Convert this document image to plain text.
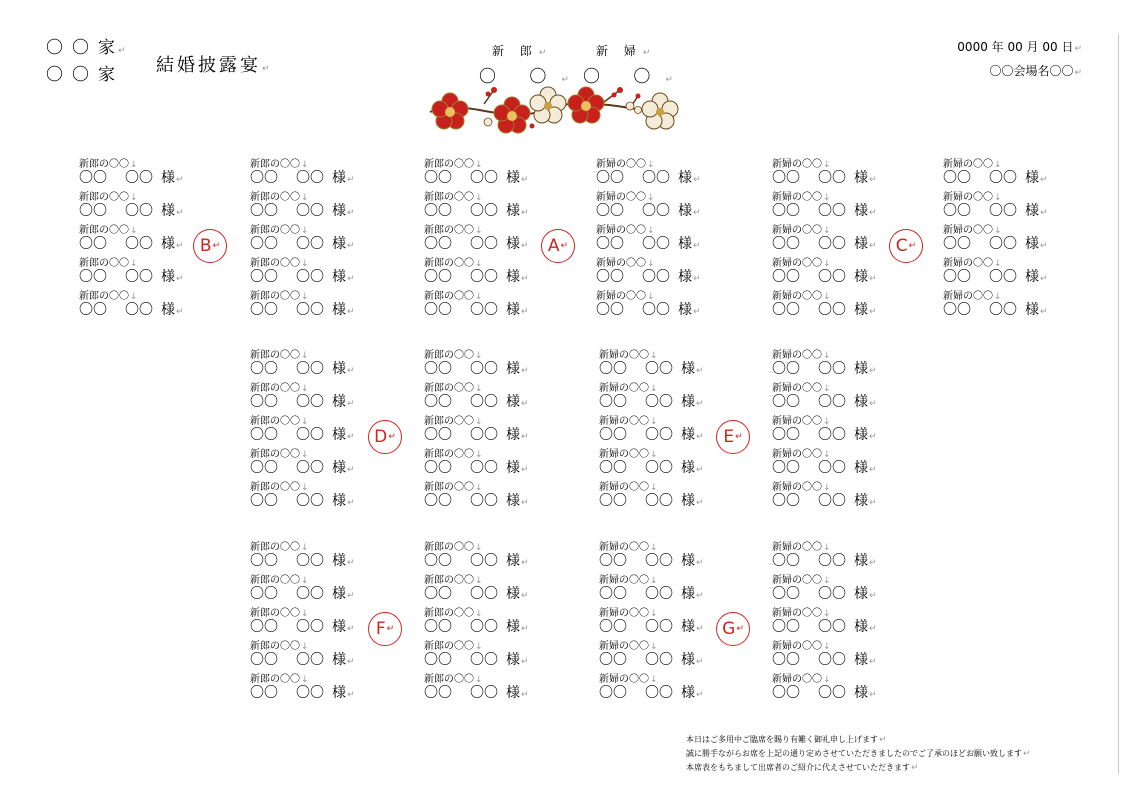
〇 〇 家↵
〇 〇 家	結婚披露宴↵
新 郎↵	新 婦↵
〇 〇↵ 〇 〇↵
0000 年 00 月 00 日↵
〇〇会場名〇〇↵
新郎の〇〇↓
〇〇 〇〇 様↵
新郎の〇〇↓
〇〇 〇〇 様↵
新郎の〇〇↓
〇〇 〇〇 様↵
新郎の〇〇↓
〇〇 〇〇 様↵
新郎の〇〇↓
〇〇 〇〇 様↵
新郎の〇〇↓
〇〇 〇〇 様↵
新郎の〇〇↓
〇〇 〇〇 様↵
新郎の〇〇↓
〇〇 〇〇 様↵
新郎の〇〇↓
〇〇 〇〇 様↵
新郎の〇〇↓
〇〇 〇〇 様↵
B ↵
新郎の〇〇↓
〇〇 〇〇 様↵
新婦の〇〇↓
〇〇 〇〇 様↵
新郎の〇〇↓
〇〇 〇〇 様↵
新婦の〇〇↓
〇〇 〇〇 様↵
新郎の〇〇↓
〇〇 〇〇 様↵
新婦の〇〇↓
〇〇 〇〇 様↵
新郎の〇〇↓
〇〇 〇〇 様↵
新婦の〇〇↓
〇〇 〇〇 様↵
新郎の〇〇↓
〇〇 〇〇 様↵
新婦の〇〇↓
〇〇 〇〇 様↵
A ↵
新婦の〇〇↓
〇〇 〇〇 様↵
新婦の〇〇↓
〇〇 〇〇 様↵
新婦の〇〇↓
〇〇 〇〇 様↵
新婦の〇〇↓
〇〇 〇〇 様↵
新婦の〇〇↓
〇〇 〇〇 様↵
新婦の〇〇↓
〇〇 〇〇 様↵
新婦の〇〇↓
〇〇 〇〇 様↵
新婦の〇〇↓
〇〇 〇〇 様↵
新婦の〇〇↓
〇〇 〇〇 様↵
新婦の〇〇↓
〇〇 〇〇 様↵
C ↵
新郎の〇〇↓
〇〇 〇〇 様↵
新郎の〇〇↓
〇〇 〇〇 様↵
新郎の〇〇↓
〇〇 〇〇 様↵
新郎の〇〇↓
〇〇 〇〇 様↵
新郎の〇〇↓
〇〇 〇〇 様↵
新郎の〇〇↓
〇〇 〇〇 様↵
新郎の〇〇↓
〇〇 〇〇 様↵
新郎の〇〇↓
〇〇 〇〇 様↵
新郎の〇〇↓
〇〇 〇〇 様↵
新郎の〇〇↓
〇〇 〇〇 様↵
D ↵
新婦の〇〇↓
〇〇 〇〇 様↵
新婦の〇〇↓
〇〇 〇〇 様↵
新婦の〇〇↓
〇〇 〇〇 様↵
新婦の〇〇↓
〇〇 〇〇 様↵
新婦の〇〇↓
〇〇 〇〇 様↵
新婦の〇〇↓
〇〇 〇〇 様↵
新婦の〇〇↓
〇〇 〇〇 様↵
新婦の〇〇↓
〇〇 〇〇 様↵
新婦の〇〇↓
〇〇 〇〇 様↵
新婦の〇〇↓
〇〇 〇〇 様↵
E ↵
新郎の〇〇↓
〇〇 〇〇 様↵
新郎の〇〇↓
〇〇 〇〇 様↵
新郎の〇〇↓
〇〇 〇〇 様↵
新郎の〇〇↓
〇〇 〇〇 様↵
新郎の〇〇↓
〇〇 〇〇 様↵
新郎の〇〇↓
〇〇 〇〇 様↵
新郎の〇〇↓
〇〇 〇〇 様↵
新郎の〇〇↓
〇〇 〇〇 様↵
新郎の〇〇↓
〇〇 〇〇 様↵
新郎の〇〇↓
〇〇 〇〇 様↵
F ↵
新婦の〇〇↓
〇〇 〇〇 様↵
新婦の〇〇↓
〇〇 〇〇 様↵
新婦の〇〇↓
〇〇 〇〇 様↵
新婦の〇〇↓
〇〇 〇〇 様↵
新婦の〇〇↓
〇〇 〇〇 様↵
新婦の〇〇↓
〇〇 〇〇 様↵
新婦の〇〇↓
〇〇 〇〇 様↵
新婦の〇〇↓
〇〇 〇〇 様↵
新婦の〇〇↓
〇〇 〇〇 様↵
新婦の〇〇↓
〇〇 〇〇 様↵
G ↵
本日はご多用中ご臨席を賜り有難く御礼申し上げます↵
誠に勝手ながらお席を上記の通り定めさせていただきましたのでご了承のほどお願い致します↵
本席表をもちまして出席者のご紹介に代えさせていただきます↵
